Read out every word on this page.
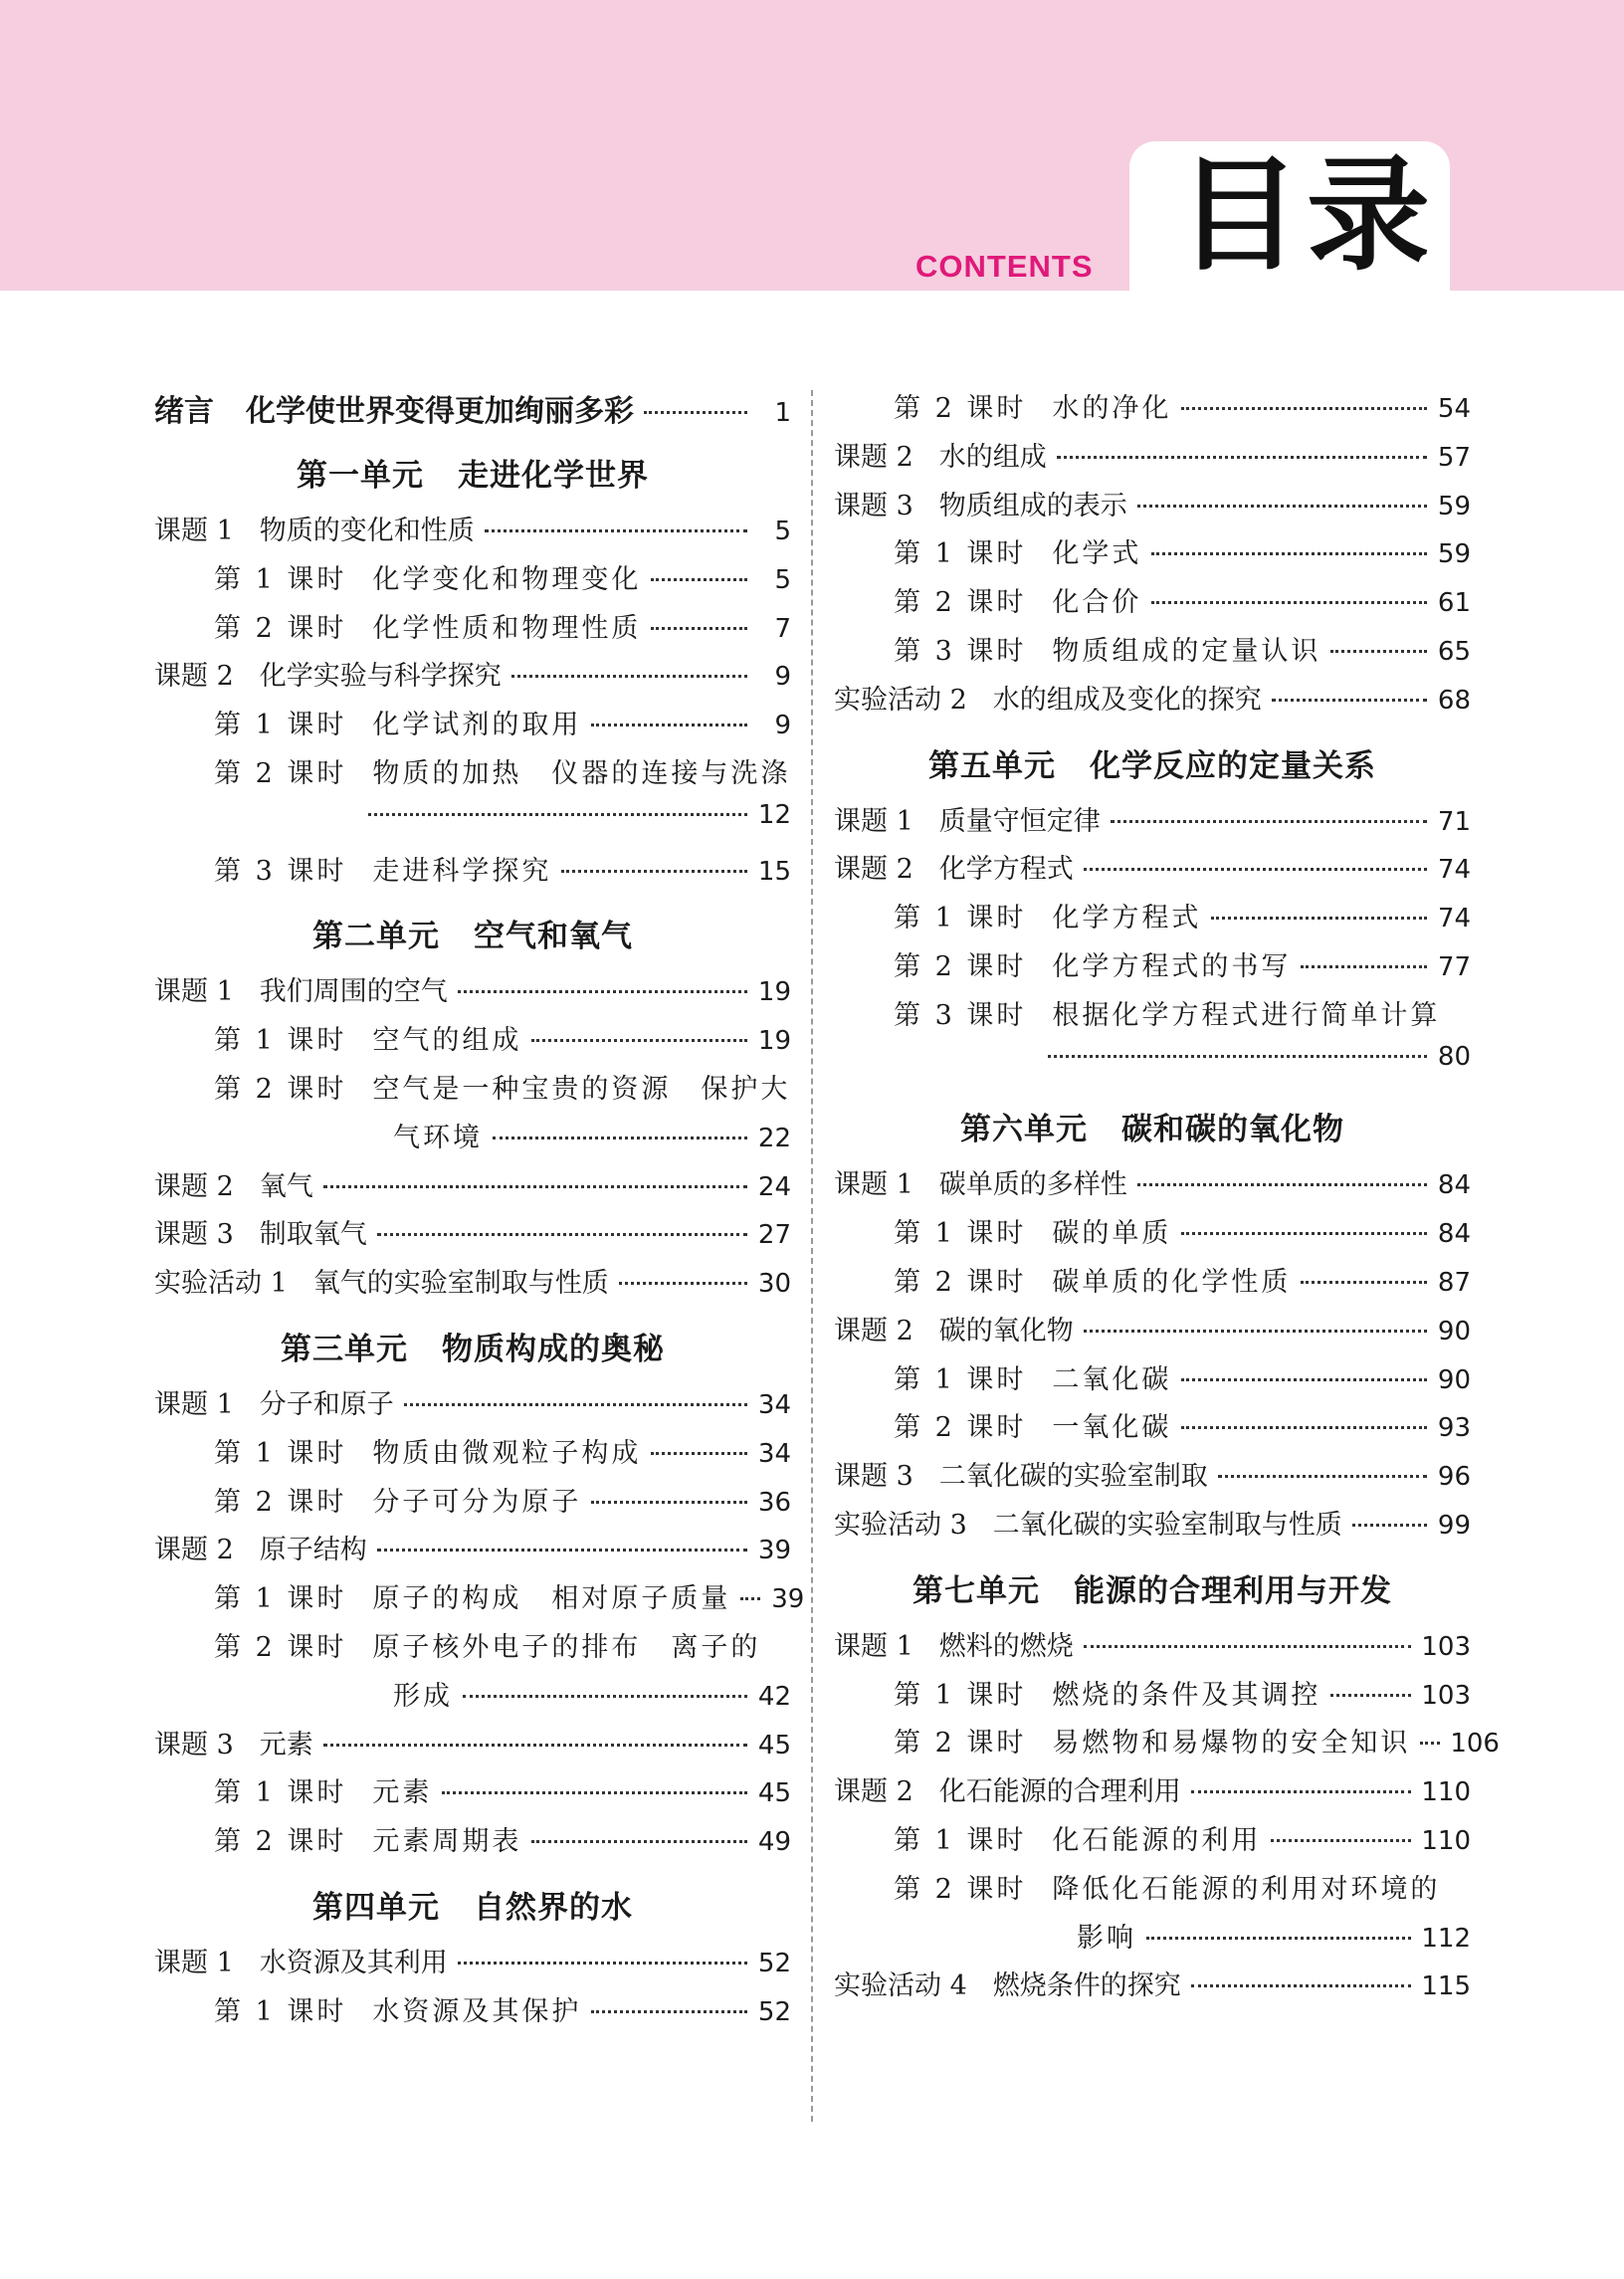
CONTENTS 目录
绪言 化学使世界变得更加绚丽多彩	1
第一单元 走进化学世界
课题 1 物质的变化和性质	5
第 1 课时 化学变化和物理变化	5
第 2 课时 化学性质和物理性质	7
课题 2 化学实验与科学探究	9
第 1 课时 化学试剂的取用	9
第 2 课时 物质的加热　仪器的连接与洗涤
12
第 3 课时 走进科学探究	15
第二单元 空气和氧气
课题 1 我们周围的空气	19
第 1 课时 空气的组成	19
第 2 课时 空气是一种宝贵的资源　保护大
气环境	22
课题 2 氧气	24
课题 3 制取氧气	27
实验活动 1 氧气的实验室制取与性质	30
第三单元 物质构成的奥秘
课题 1 分子和原子	34
第 1 课时 物质由微观粒子构成	34
第 2 课时 分子可分为原子	36
课题 2 原子结构	39
第 1 课时 原子的构成　相对原子质量 39
第 2 课时 原子核外电子的排布　离子的
形成	42
课题 3 元素	45
第 1 课时 元素	45
第 2 课时 元素周期表	49
第四单元 自然界的水
课题 1 水资源及其利用	52
第 1 课时 水资源及其保护	52
第 2 课时 水的净化	54
课题 2 水的组成	57
课题 3 物质组成的表示	59
第 1 课时 化学式	59
第 2 课时 化合价	61
第 3 课时 物质组成的定量认识	65
实验活动 2 水的组成及变化的探究	68
第五单元 化学反应的定量关系
课题 1 质量守恒定律	71
课题 2 化学方程式	74
第 1 课时 化学方程式	74
第 2 课时 化学方程式的书写	77
第 3 课时 根据化学方程式进行简单计算
80
第六单元 碳和碳的氧化物
课题 1 碳单质的多样性	84
第 1 课时 碳的单质	84
第 2 课时 碳单质的化学性质	87
课题 2 碳的氧化物	90
第 1 课时 二氧化碳	90
第 2 课时 一氧化碳	93
课题 3 二氧化碳的实验室制取	96
实验活动 3 二氧化碳的实验室制取与性质	99
第七单元 能源的合理利用与开发
课题 1 燃料的燃烧	103
第 1 课时 燃烧的条件及其调控	103
第 2 课时 易燃物和易爆物的安全知识 106
课题 2 化石能源的合理利用	110
第 1 课时 化石能源的利用	110
第 2 课时 降低化石能源的利用对环境的
影响	112
实验活动 4 燃烧条件的探究	115
